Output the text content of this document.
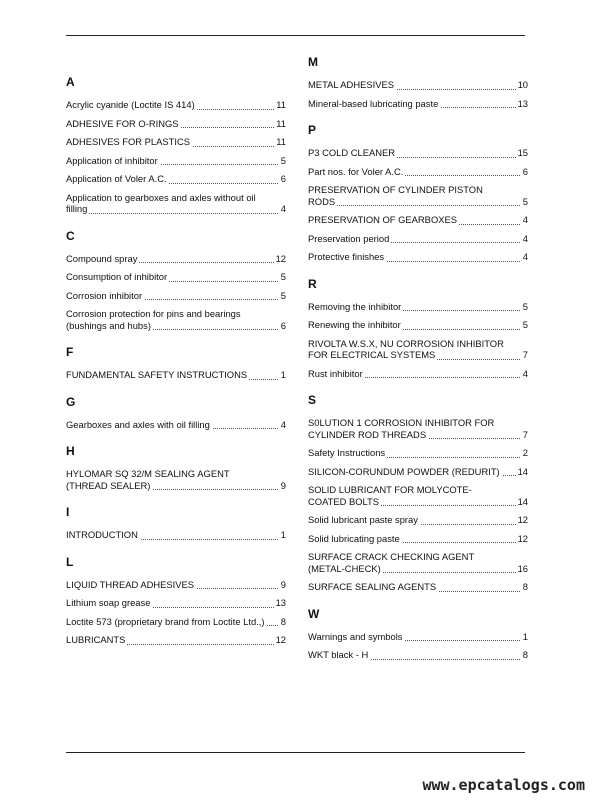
A
Acrylic cyanide (Loctite IS 414)	11
ADHESIVE FOR O-RINGS	11
ADHESIVES FOR PLASTICS	11
Application of inhibitor	5
Application of Voler A.C.	6
Application to gearboxes and axles without oil filling	4
C
Compound spray	12
Consumption of inhibitor	5
Corrosion inhibitor	5
Corrosion protection for pins and bearings (bushings and hubs)	6
F
FUNDAMENTAL SAFETY INSTRUCTIONS	1
G
Gearboxes and axles with oil filling	4
H
HYLOMAR SQ 32/M SEALING AGENT (THREAD SEALER)	9
I
INTRODUCTION	1
L
LIQUID THREAD ADHESIVES	9
Lithium soap grease	13
Loctite 573 (proprietary brand from Loctite Ltd.,) 8
LUBRICANTS	12
M
METAL ADHESIVES	10
Mineral-based lubricating paste	13
P
P3 COLD CLEANER	15
Part nos. for Voler A.C.	6
PRESERVATION OF CYLINDER PISTON RODS	5
PRESERVATION OF GEARBOXES	4
Preservation period	4
Protective finishes	4
R
Removing the inhibitor	5
Renewing the inhibitor	5
RIVOLTA W.S.X, NU CORROSION INHIBITOR FOR ELECTRICAL SYSTEMS	7
Rust inhibitor	4
S
S0LUTION 1 CORROSION INHIBITOR FOR CYLINDER ROD THREADS	7
Safety Instructions	2
SILICON-CORUNDUM POWDER (REDURIT) 14
SOLID LUBRICANT FOR MOLYCOTE-COATED BOLTS	14
Solid lubricant paste spray	12
Solid lubricating paste	12
SURFACE CRACK CHECKING AGENT (METAL-CHECK)	16
SURFACE SEALING AGENTS	8
W
Warnings and symbols	1
WKT black - H	8
www.epcatalogs.com
